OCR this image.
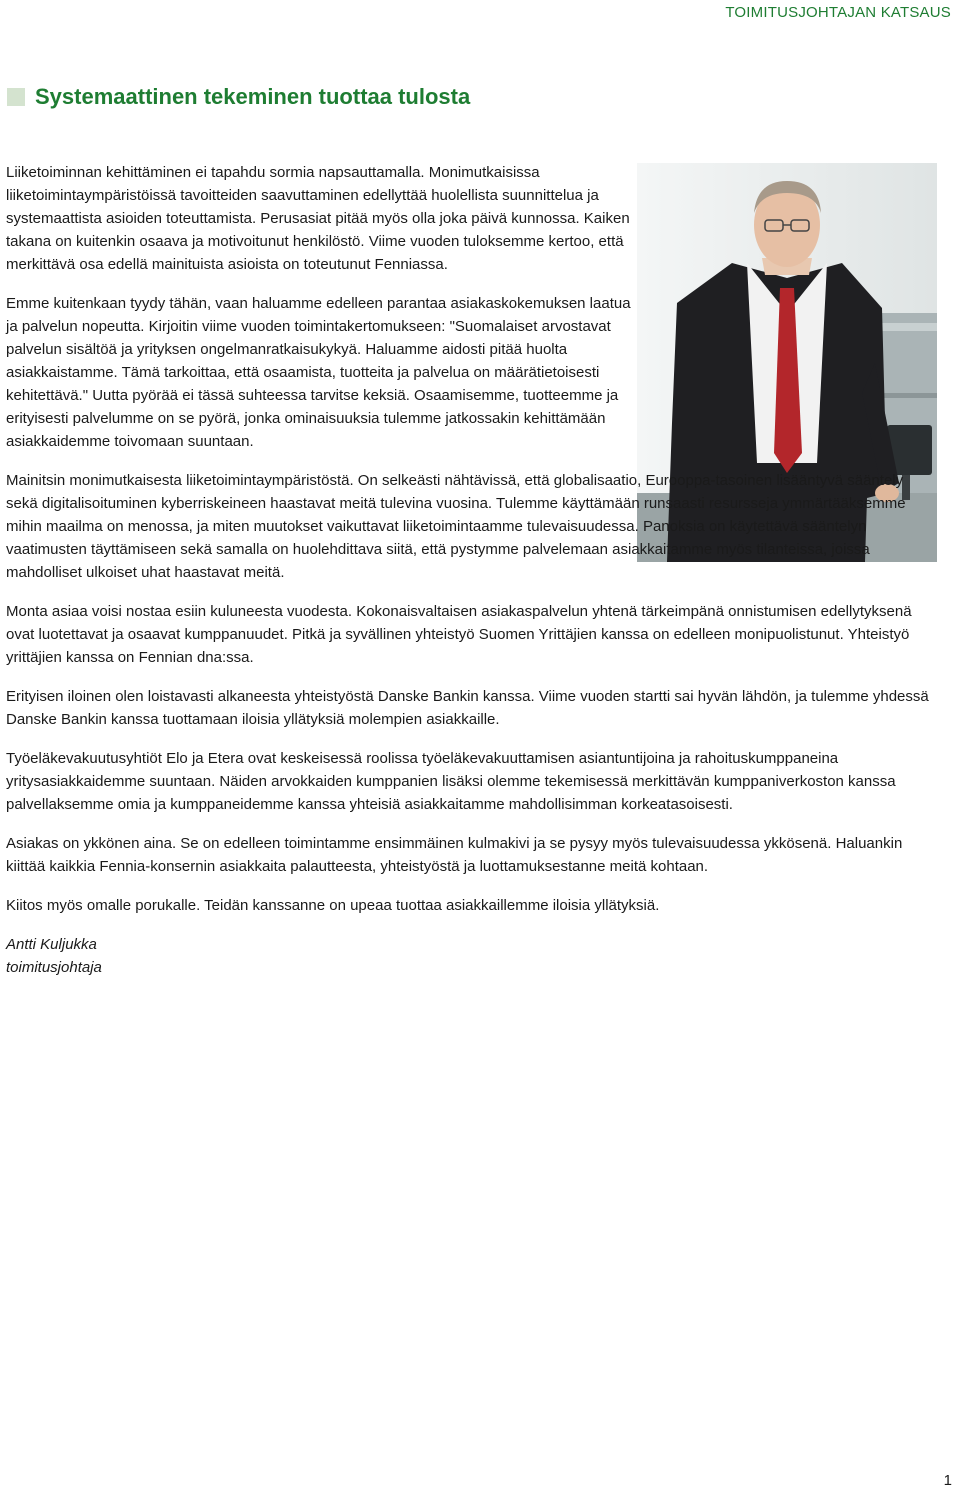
TOIMITUSJOHTAJAN KATSAUS
Systemaattinen tekeminen tuottaa tulosta

Liiketoiminnan kehittäminen ei tapahdu sormia napsauttamalla. Monimutkaisissa liiketoimintaympäristöissä tavoitteiden saavuttaminen edellyttää huolellista suunnittelua ja systemaattista asioiden toteuttamista. Perusasiat pitää myös olla joka päivä kunnossa. Kaiken takana on kuitenkin osaava ja motivoitunut henkilöstö. Viime vuoden tuloksemme kertoo, että merkittävä osa edellä mainituista asioista on toteutunut Fenniassa.

Emme kuitenkaan tyydy tähän, vaan haluamme edelleen parantaa asiakaskokemuksen laatua ja palvelun nopeutta. Kirjoitin viime vuoden toimintakertomukseen: "Suomalaiset arvostavat palvelun sisältöä ja yrityksen ongelmanratkaisukykyä. Haluamme aidosti pitää huolta asiakkaistamme. Tämä tarkoittaa, että osaamista, tuotteita ja palvelua on määrätietoisesti kehitettävä." Uutta pyörää ei tässä suhteessa tarvitse keksiä. Osaamisemme, tuotteemme ja erityisesti palvelumme on se pyörä, jonka ominaisuuksia tulemme jatkossakin kehittämään asiakkaidemme toivomaan suuntaan.

Mainitsin monimutkaisesta liiketoimintaympäristöstä. On selkeästi nähtävissä, että globalisaatio, Eurooppa-tasoinen lisääntyvä sääntely sekä digitalisoituminen kyberriskeineen haastavat meitä tulevina vuosina. Tulemme käyttämään runsaasti resursseja ymmärtääksemme mihin maailma on menossa, ja miten muutokset vaikuttavat liiketoimintaamme tulevaisuudessa. Panoksia on käytettävä sääntelyn vaatimusten täyttämiseen sekä samalla on huolehdittava siitä, että pystymme palvelemaan asiakkaitamme myös tilanteissa, joissa mahdolliset ulkoiset uhat haastavat meitä.

Monta asiaa voisi nostaa esiin kuluneesta vuodesta. Kokonaisvaltaisen asiakaspalvelun yhtenä tärkeimpänä onnistumisen edellytyksenä ovat luotettavat ja osaavat kumppanuudet. Pitkä ja syvällinen yhteistyö Suomen Yrittäjien kanssa on edelleen monipuolistunut. Yhteistyö yrittäjien kanssa on Fennian dna:ssa.

Erityisen iloinen olen loistavasti alkaneesta yhteistyöstä Danske Bankin kanssa. Viime vuoden startti sai hyvän lähdön, ja tulemme yhdessä Danske Bankin kanssa tuottamaan iloisia yllätyksiä molempien asiakkaille.

Työeläkevakuutusyhtiöt Elo ja Etera ovat keskeisessä roolissa työeläkevakuuttamisen asiantuntijoina ja rahoituskumppaneina yritysasiakkaidemme suuntaan. Näiden arvokkaiden kumppanien lisäksi olemme tekemisessä merkittävän kumppaniverkoston kanssa palvellaksemme omia ja kumppaneidemme kanssa yhteisiä asiakkaitamme mahdollisimman korkeatasoisesti.

Asiakas on ykkönen aina. Se on edelleen toimintamme ensimmäinen kulmakivi ja se pysyy myös tulevaisuudessa ykkösenä. Haluankin kiittää kaikkia Fennia-konsernin asiakkaita palautteesta, yhteistyöstä ja luottamuksestanne meitä kohtaan.

Kiitos myös omalle porukalle. Teidän kanssanne on upeaa tuottaa asiakkaillemme iloisia yllätyksiä.

Antti Kuljukka
toimitusjohtaja
1
